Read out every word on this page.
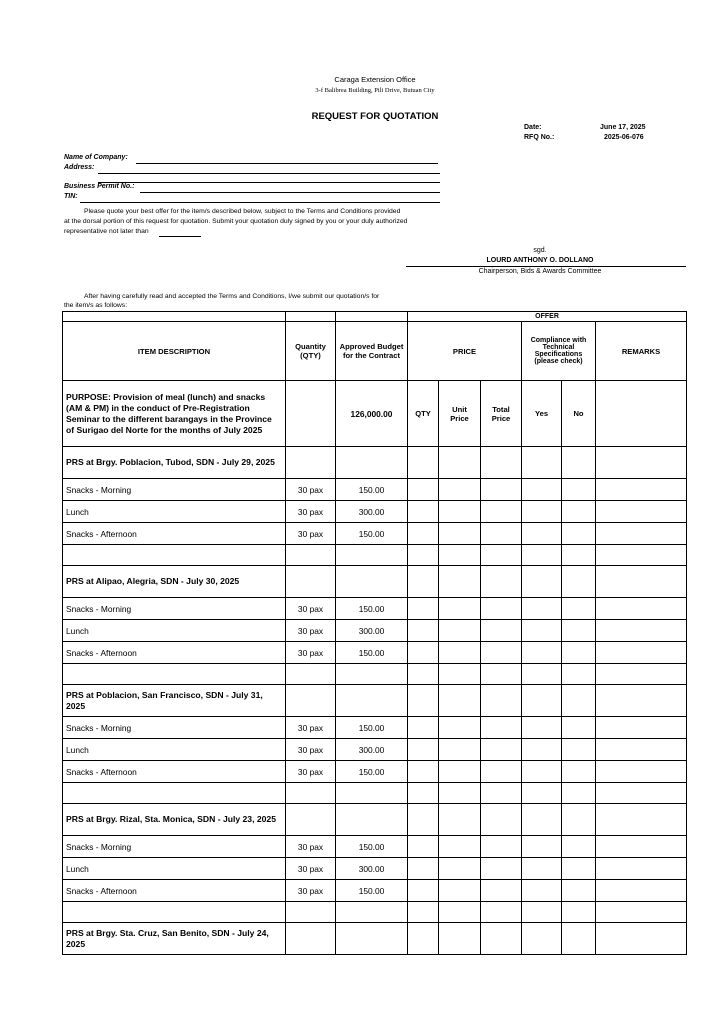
Caraga Extension Office
3-f Balibrea Building, Pili Drive, Butuan City
REQUEST FOR QUOTATION
Date:	June 17, 2025
RFQ No.:	2025-06-076
Name of Company:
Address:
Business Permit No.:
TIN:
Please quote your best offer for the item/s described below, subject to the Terms and Conditions provided
at the dorsal portion of this request for quotation. Submit your quotation duly signed by you or your duly authorized
representative not later than
sgd.
LOURD ANTHONY O. DOLLANO
Chairperson, Bids & Awards Committee
After having carefully read and accepted the Terms and Conditions, I/we submit our quotation/s for
the item/s as follows:
			OFFER					
ITEM DESCRIPTION	Quantity (QTY)	Approved Budget for the Contract	PRICE			Compliance with Technical Specifications (please check)		REMARKS
PURPOSE: Provision of meal (lunch) and snacks (AM & PM) in the conduct of Pre-Registration Seminar to the different barangays in the Province of Surigao del Norte for the months of July 2025		126,000.00	QTY	Unit Price	Total Price	Yes	No	
PRS at Brgy. Poblacion, Tubod, SDN - July 29, 2025								
Snacks - Morning	30 pax	150.00						
Lunch	30 pax	300.00						
Snacks - Afternoon	30 pax	150.00						

PRS at Alipao, Alegria, SDN - July 30, 2025								
Snacks - Morning	30 pax	150.00						
Lunch	30 pax	300.00						
Snacks - Afternoon	30 pax	150.00						

PRS at Poblacion, San Francisco, SDN - July 31, 2025								
Snacks - Morning	30 pax	150.00						
Lunch	30 pax	300.00						
Snacks - Afternoon	30 pax	150.00						

PRS at Brgy. Rizal, Sta. Monica, SDN - July 23, 2025								
Snacks - Morning	30 pax	150.00						
Lunch	30 pax	300.00						
Snacks - Afternoon	30 pax	150.00						

PRS at Brgy. Sta. Cruz, San Benito, SDN - July 24, 2025								
